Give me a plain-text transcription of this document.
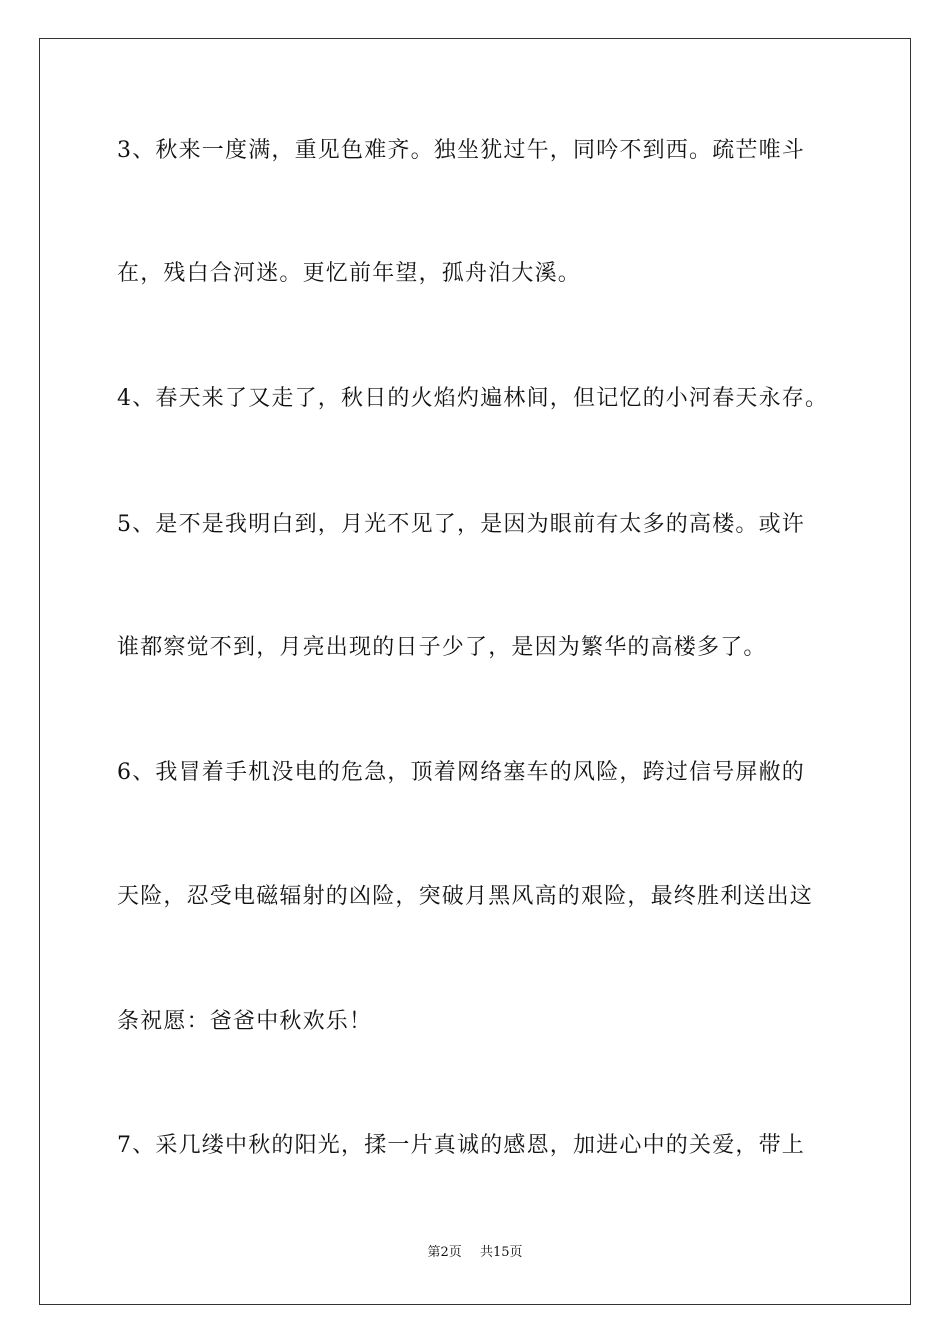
3、秋来一度满，重见色难齐。独坐犹过午，同吟不到西。疏芒唯斗
在，残白合河迷。更忆前年望，孤舟泊大溪。
4、春天来了又走了，秋日的火焰灼遍林间，但记忆的小河春天永存。
5、是不是我明白到，月光不见了，是因为眼前有太多的高楼。或许
谁都察觉不到，月亮出现的日子少了，是因为繁华的高楼多了。
6、我冒着手机没电的危急，顶着网络塞车的风险，跨过信号屏敝的
天险，忍受电磁辐射的凶险，突破月黑风高的艰险，最终胜利送出这
条祝愿：爸爸中秋欢乐！
7、采几缕中秋的阳光，揉一片真诚的感恩，加进心中的关爱，带上
第2页 共15页
